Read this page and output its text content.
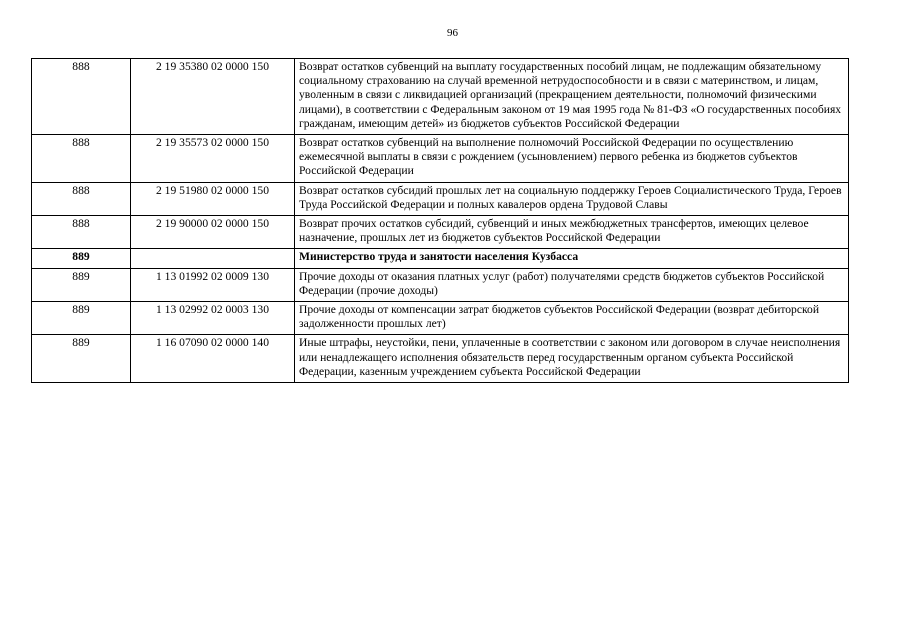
96
888	2 19 35380 02 0000 150	Возврат остатков субвенций на выплату государственных пособий лицам, не подлежащим обязательному социальному страхованию на случай временной нетрудоспособности и в связи с материнством, и лицам, уволенным в связи с ликвидацией организаций (прекращением деятельности, полномочий физическими лицами), в соответствии с Федеральным законом от 19 мая 1995 года № 81-ФЗ «О государственных пособиях гражданам, имеющим детей» из бюджетов субъектов Российской Федерации
888	2 19 35573 02 0000 150	Возврат остатков субвенций на выполнение полномочий Российской Федерации по осуществлению ежемесячной выплаты в связи с рождением (усыновлением) первого ребенка из бюджетов субъектов Российской Федерации
888	2 19 51980 02 0000 150	Возврат остатков субсидий прошлых лет на социальную поддержку Героев Социалистического Труда, Героев Труда Российской Федерации и полных кавалеров ордена Трудовой Славы
888	2 19 90000 02 0000 150	Возврат прочих остатков субсидий, субвенций и иных межбюджетных трансфертов, имеющих целевое назначение, прошлых лет из бюджетов субъектов Российской Федерации
889		Министерство труда и занятости населения Кузбасса
889	1 13 01992 02 0009 130	Прочие доходы от оказания платных услуг (работ) получателями средств бюджетов субъектов Российской Федерации (прочие доходы)
889	1 13 02992 02 0003 130	Прочие доходы от компенсации затрат бюджетов субъектов Российской Федерации (возврат дебиторской задолженности прошлых лет)
889	1 16 07090 02 0000 140	Иные штрафы, неустойки, пени, уплаченные в соответствии с законом или договором в случае неисполнения или ненадлежащего исполнения обязательств перед государственным органом субъекта Российской Федерации, казенным учреждением субъекта Российской Федерации
